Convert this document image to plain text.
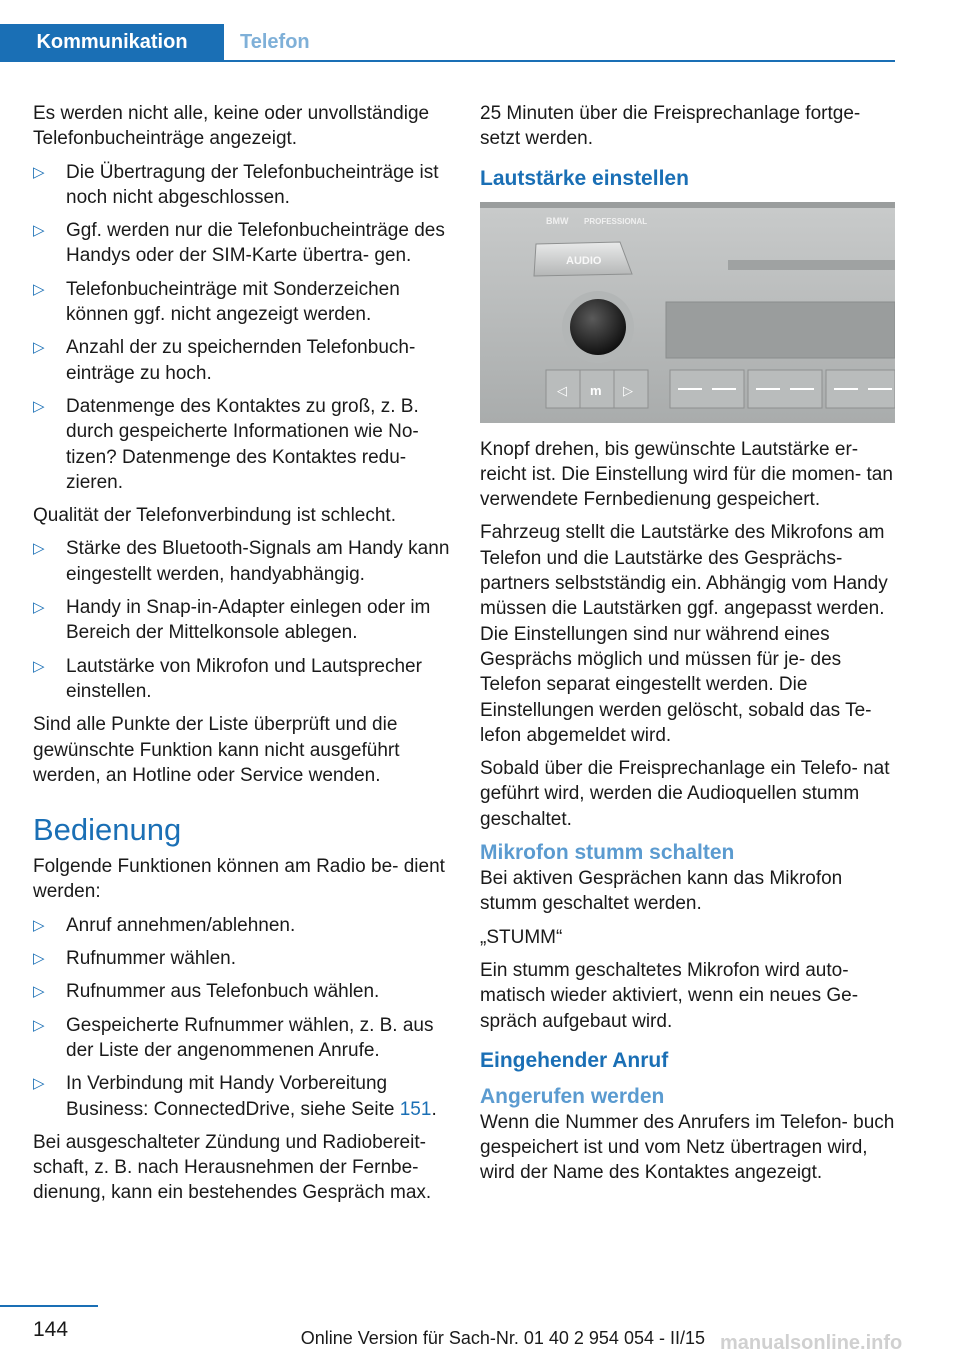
Kommunikation	Telefon

Es werden nicht alle, keine oder unvollständige Telefonbucheinträge angezeigt.

▷ Die Übertragung der Telefonbucheinträge ist noch nicht abgeschlossen.
▷ Ggf. werden nur die Telefonbucheinträge des Handys oder der SIM-Karte übertra‐ gen.
▷ Telefonbucheinträge mit Sonderzeichen können ggf. nicht angezeigt werden.
▷ Anzahl der zu speichernden Telefonbuch‐ einträge zu hoch.
▷ Datenmenge des Kontaktes zu groß, z. B. durch gespeicherte Informationen wie No‐ tizen? Datenmenge des Kontaktes redu‐ zieren.

Qualität der Telefonverbindung ist schlecht.

▷ Stärke des Bluetooth-Signals am Handy kann eingestellt werden, handyabhängig.
▷ Handy in Snap-in-Adapter einlegen oder im Bereich der Mittelkonsole ablegen.
▷ Lautstärke von Mikrofon und Lautsprecher einstellen.

Sind alle Punkte der Liste überprüft und die gewünschte Funktion kann nicht ausgeführt werden, an Hotline oder Service wenden.

Bedienung

Folgende Funktionen können am Radio be‐ dient werden:

▷ Anruf annehmen/ablehnen.
▷ Rufnummer wählen.
▷ Rufnummer aus Telefonbuch wählen.
▷ Gespeicherte Rufnummer wählen, z. B. aus der Liste der angenommenen Anrufe.
▷ In Verbindung mit Handy Vorbereitung Business: ConnectedDrive, siehe Seite 151.

Bei ausgeschalteter Zündung und Radiobereit‐ schaft, z. B. nach Herausnehmen der Fernbe‐ dienung, kann ein bestehendes Gespräch max.

25 Minuten über die Freisprechanlage fortge‐ setzt werden.

Lautstärke einstellen
BMW PROFESSIONAL
AUDIO
◁ m ▷

Knopf drehen, bis gewünschte Lautstärke er‐ reicht ist. Die Einstellung wird für die momen‐ tan verwendete Fernbedienung gespeichert.

Fahrzeug stellt die Lautstärke des Mikrofons am Telefon und die Lautstärke des Gesprächs‐ partners selbstständig ein. Abhängig vom Handy müssen die Lautstärken ggf. angepasst werden. Die Einstellungen sind nur während eines Gesprächs möglich und müssen für je‐ des Telefon separat eingestellt werden. Die Einstellungen werden gelöscht, sobald das Te‐ lefon abgemeldet wird.

Sobald über die Freisprechanlage ein Telefo‐ nat geführt wird, werden die Audioquellen stumm geschaltet.

Mikrofon stumm schalten

Bei aktiven Gesprächen kann das Mikrofon stumm geschaltet werden.

„STUMM“

Ein stumm geschaltetes Mikrofon wird auto‐ matisch wieder aktiviert, wenn ein neues Ge‐ spräch aufgebaut wird.

Eingehender Anruf
Angerufen werden

Wenn die Nummer des Anrufers im Telefon‐ buch gespeichert ist und vom Netz übertragen wird, wird der Name des Kontaktes angezeigt.

144	Online Version für Sach-Nr. 01 40 2 954 054 - II/15 manualsonline.info
